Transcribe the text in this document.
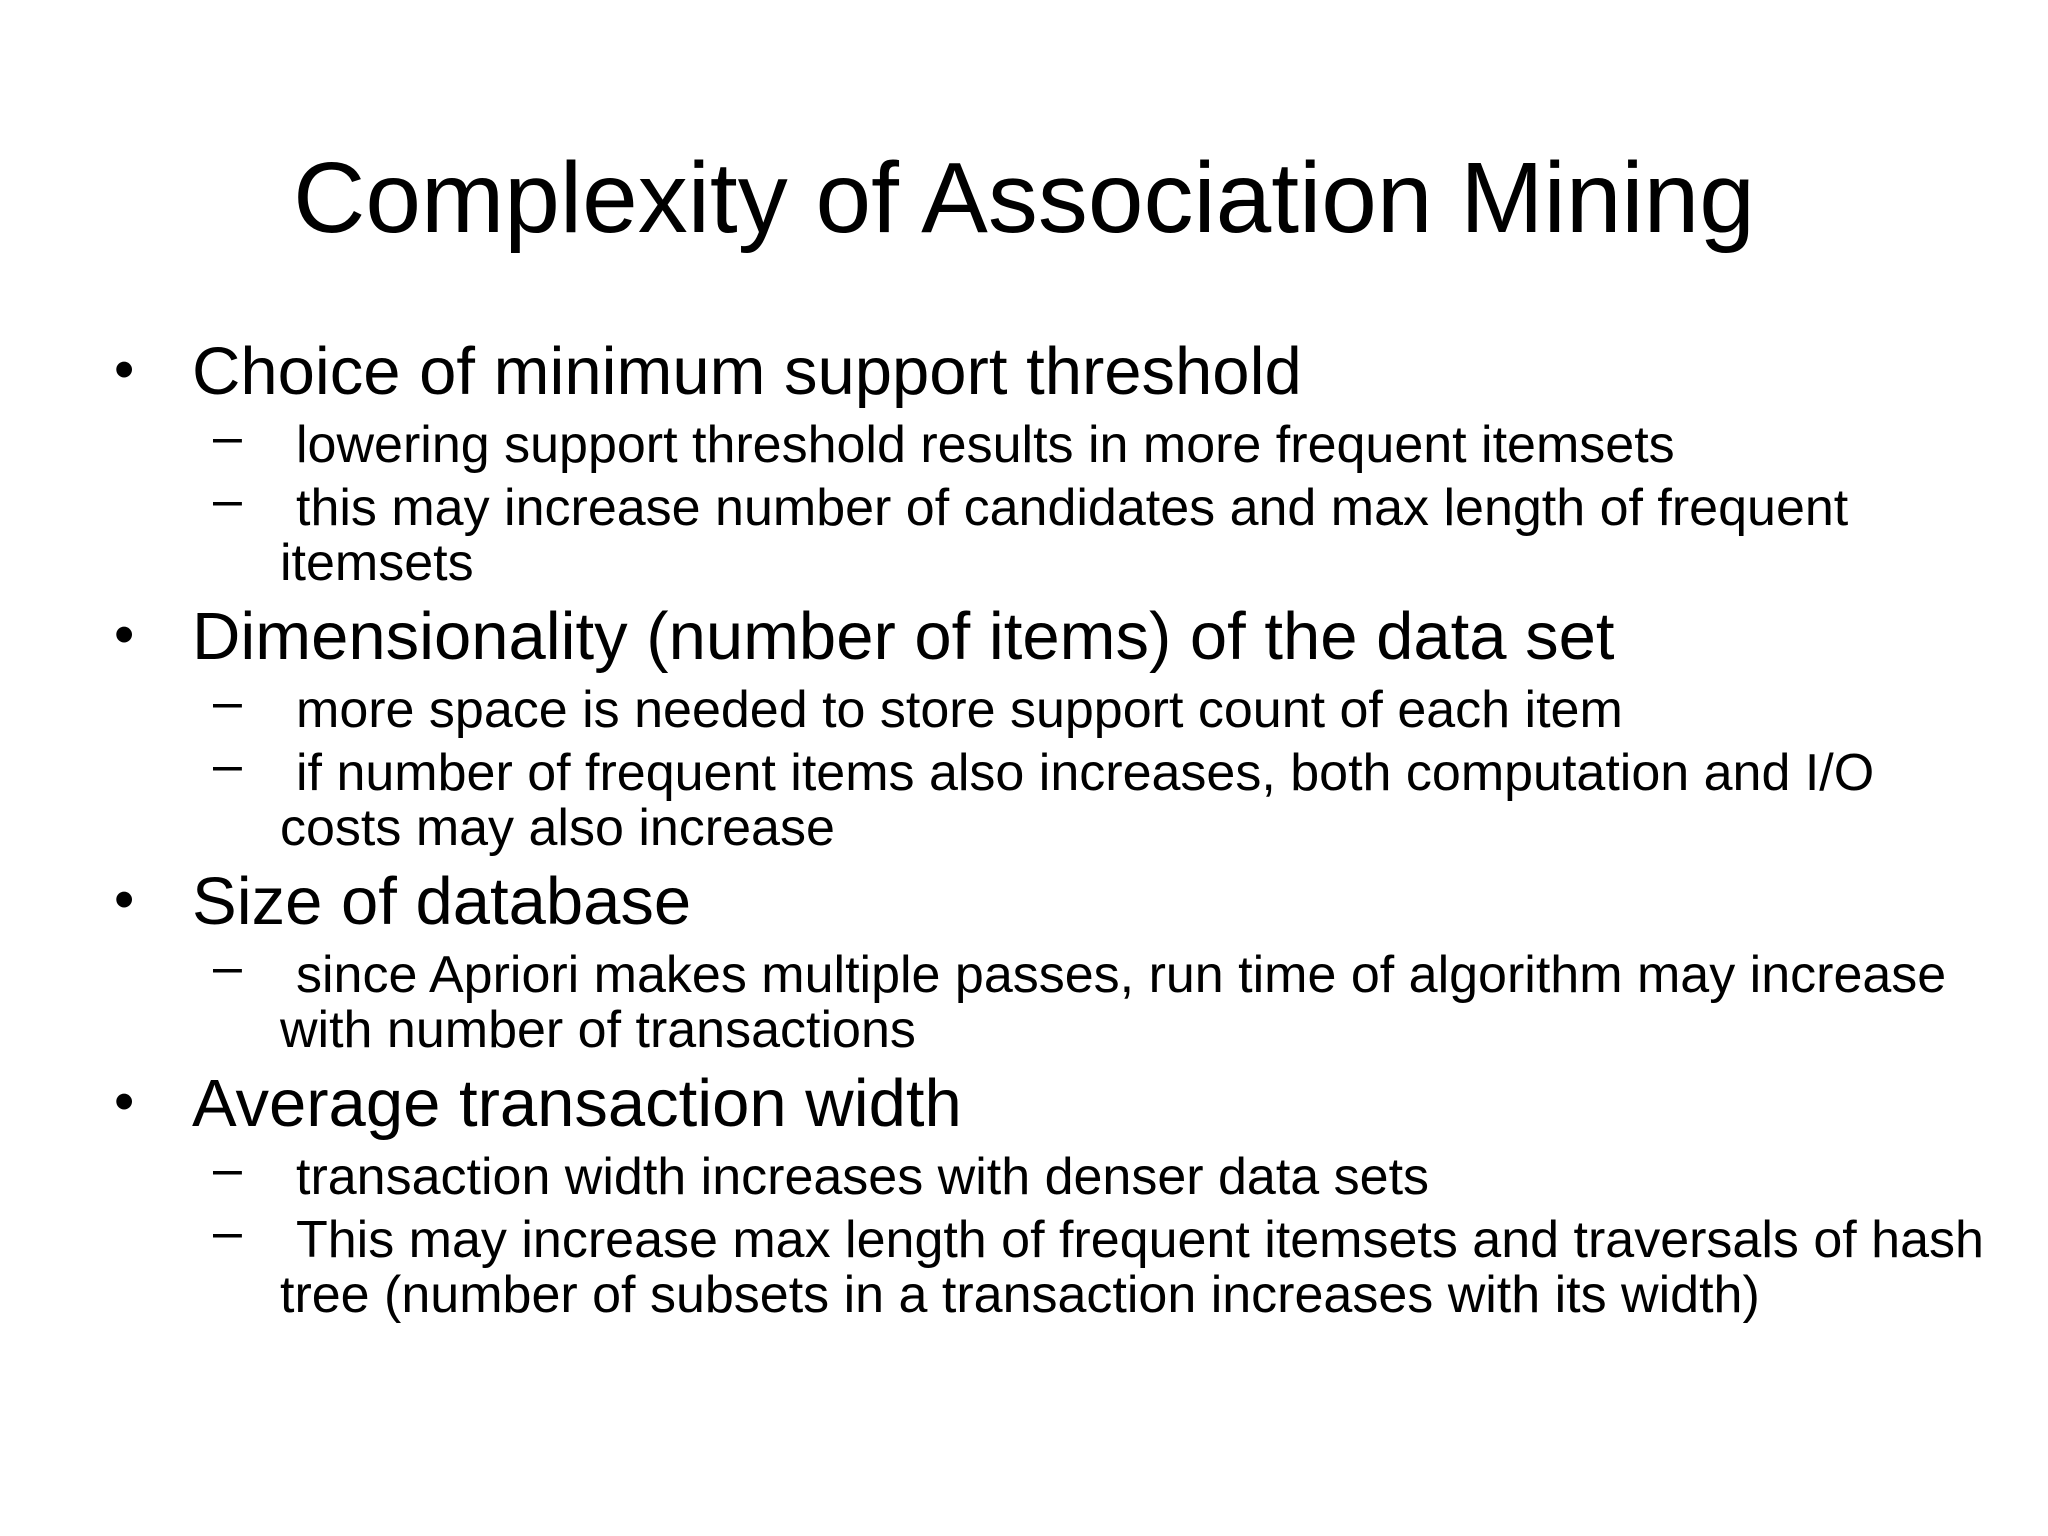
Complexity of Association Mining
• Choice of minimum support threshold
–	lowering support threshold results in more frequent itemsets
–	this may increase number of candidates and max length of frequent itemsets
• Dimensionality (number of items) of the data set
–	more space is needed to store support count of each item
–	if number of frequent items also increases, both computation and I/O costs may also increase
• Size of database
–	since Apriori makes multiple passes, run time of algorithm may increase with number of transactions
• Average transaction width
–	transaction width increases with denser data sets
–	This may increase max length of frequent itemsets and traversals of hash tree (number of subsets in a transaction increases with its width)
